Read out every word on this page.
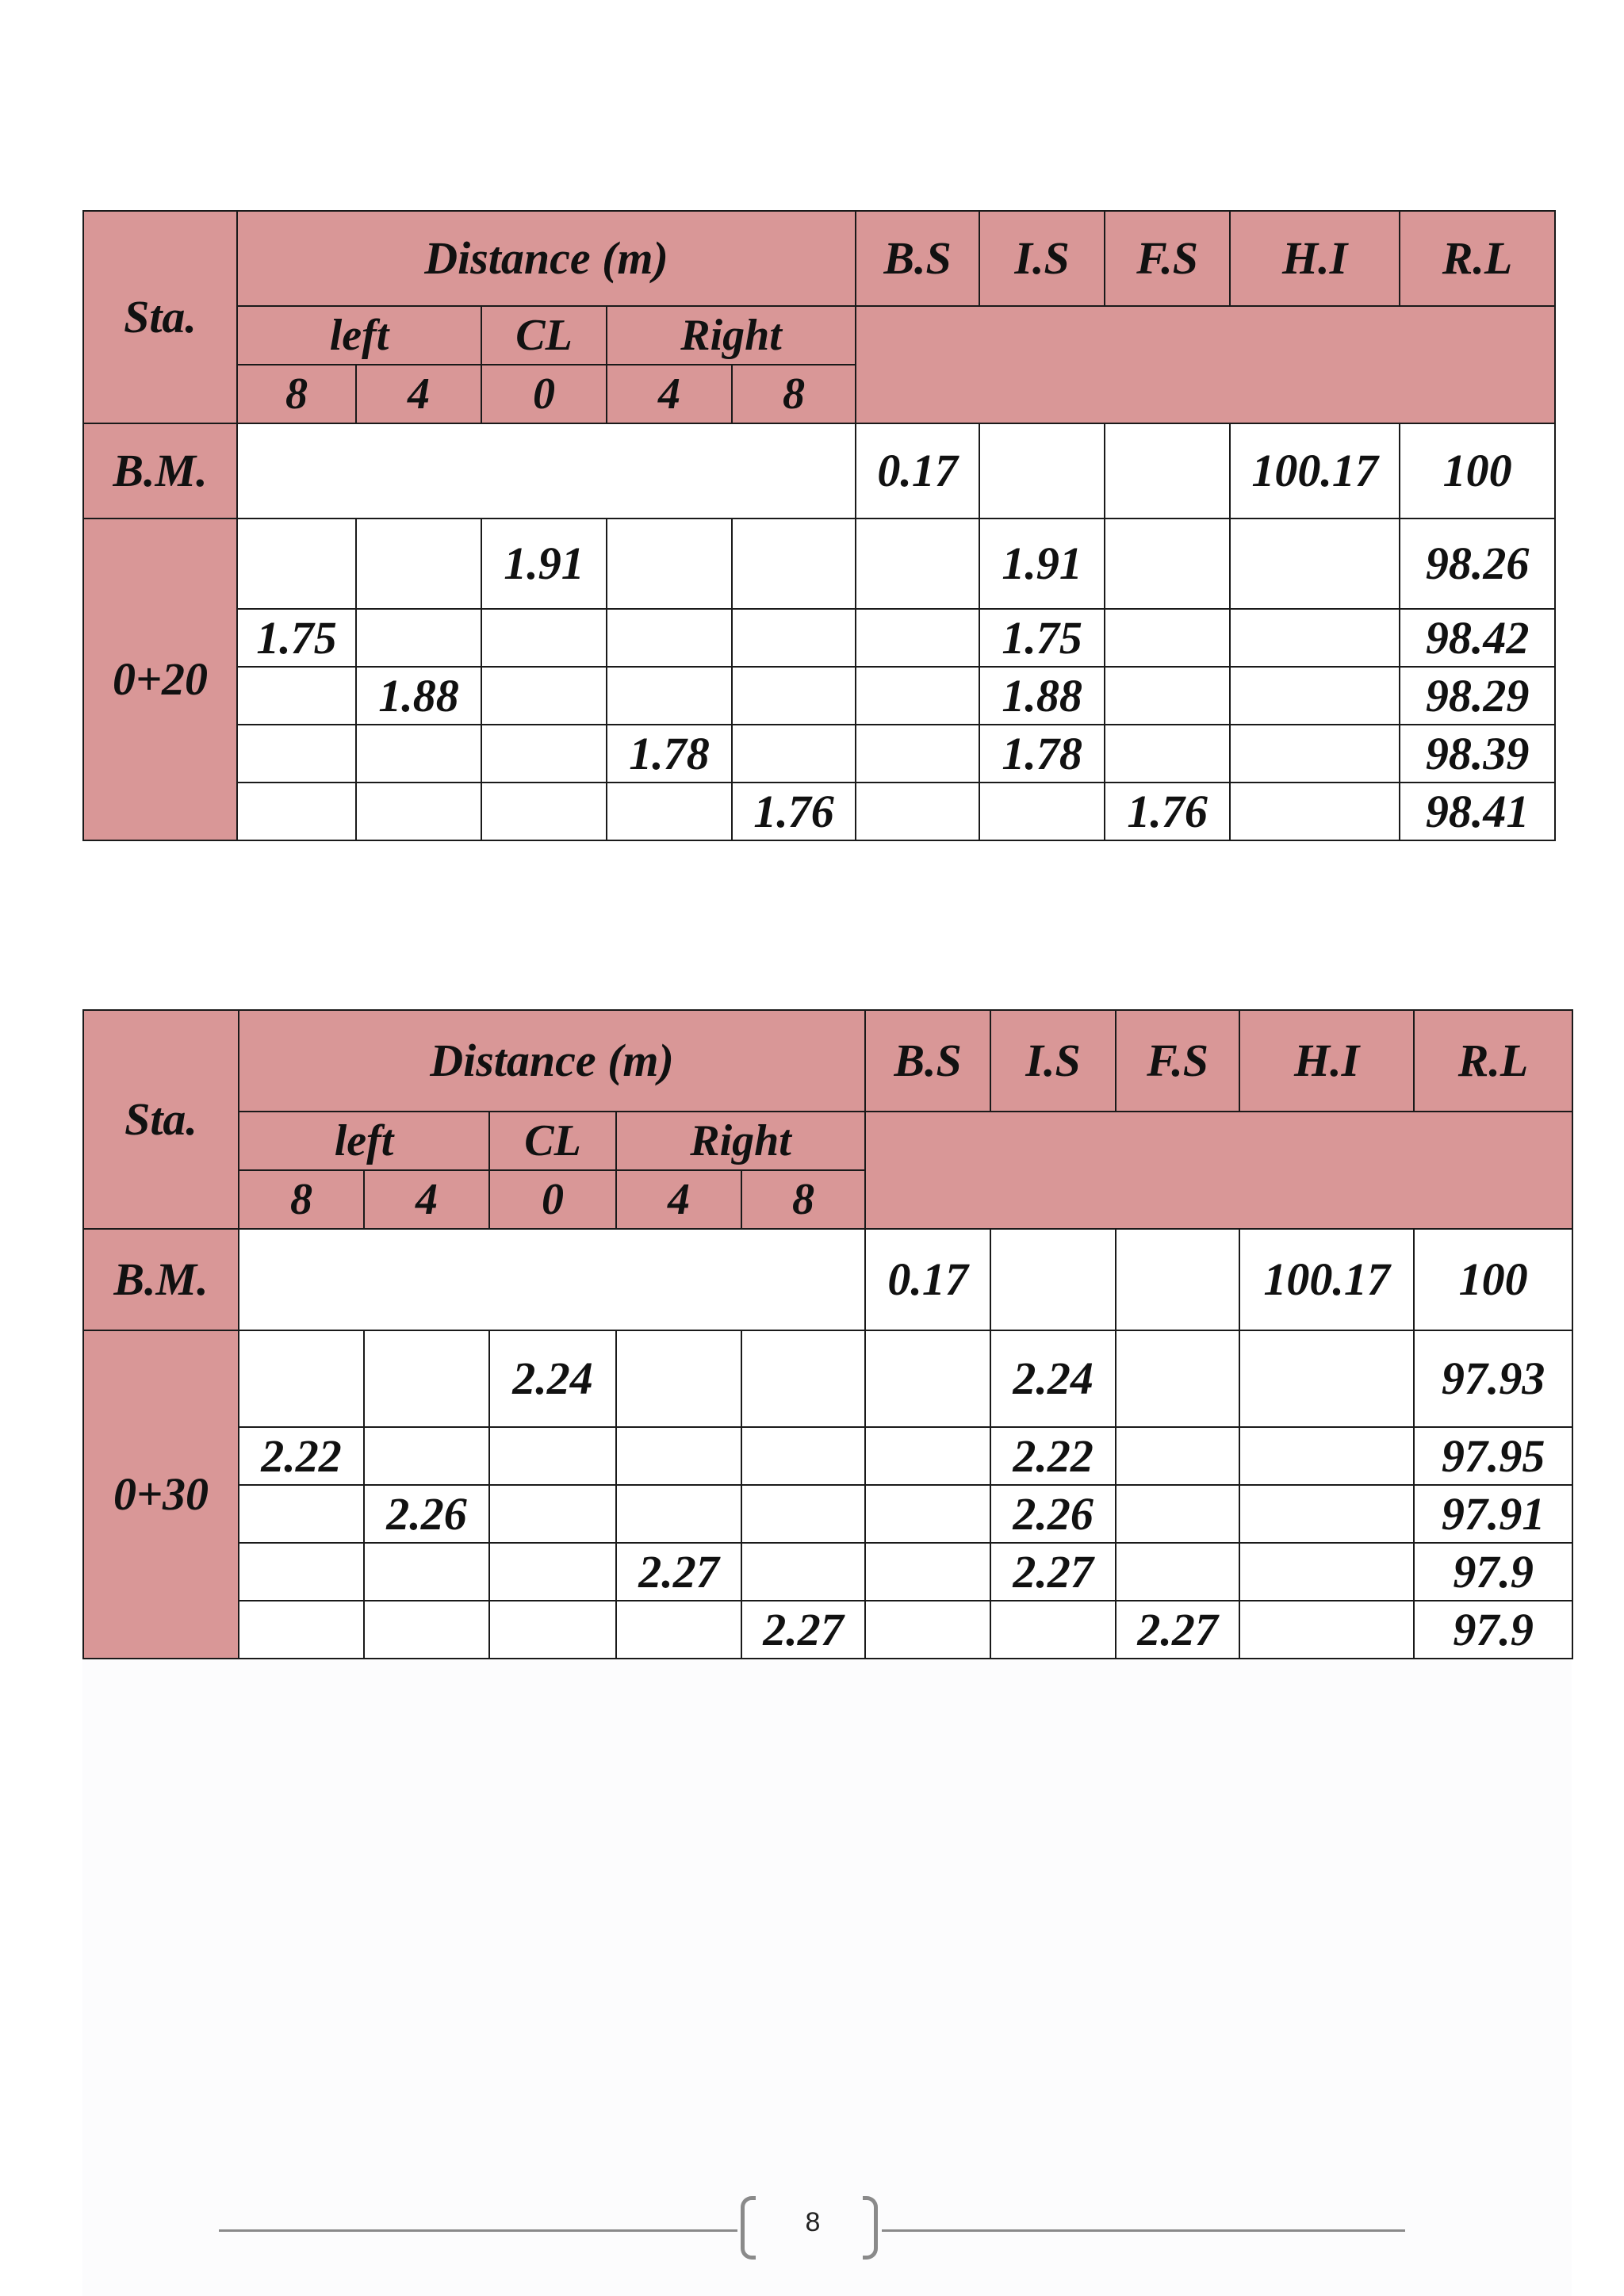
Sta.	Distance (m)					B.S	I.S	F.S	H.I	R.L
	left		CL	Right						
	8	4	0	4	8					
B.M.						0.17			100.17	100
0+20			1.91				1.91			98.26
	1.75						1.75			98.42
		1.88					1.88			98.29
				1.78			1.78			98.39
					1.76			1.76		98.41
Sta.	Distance (m)					B.S	I.S	F.S	H.I	R.L
	left		CL	Right						
	8	4	0	4	8					
B.M.						0.17			100.17	100
0+30			2.24				2.24			97.93
	2.22						2.22			97.95
		2.26					2.26			97.91
				2.27			2.27			97.9
					2.27			2.27		97.9
8
